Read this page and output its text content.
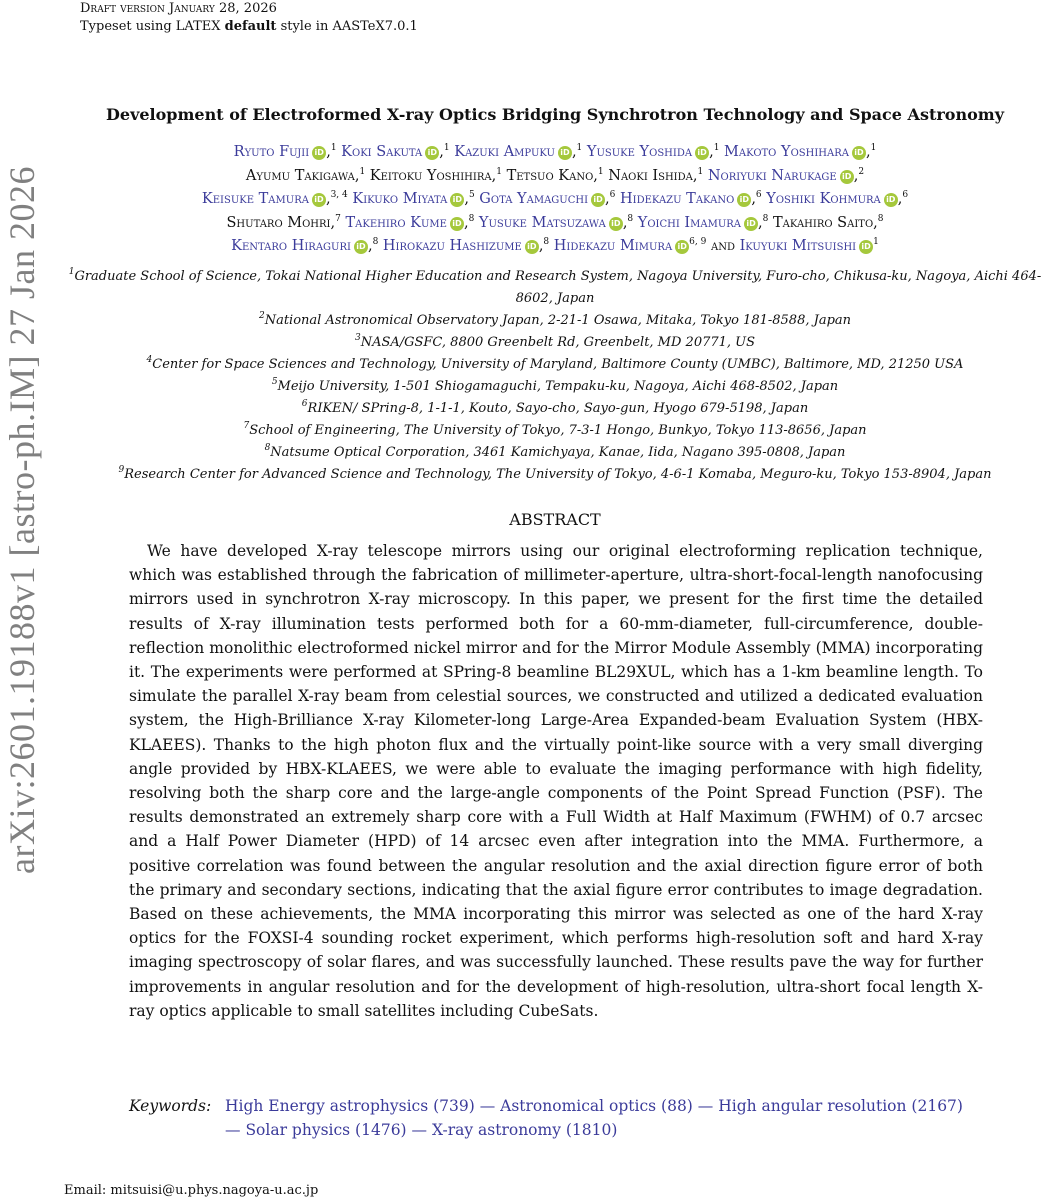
Draft version January 28, 2026
Typeset using LATEX default style in AASTeX7.0.1
arXiv:2601.19188v1 [astro-ph.IM] 27 Jan 2026
Development of Electroformed X-ray Optics Bridging Synchrotron Technology and Space Astronomy
Ryuto Fujii iD ,$^1$ Koki Sakuta iD ,$^1$ Kazuki Ampuku iD ,$^1$ Yusuke Yoshida iD ,$^1$ Makoto Yoshihara iD ,$^1$
Ayumu Takigawa,$^1$ Keitoku Yoshihira,$^1$ Tetsuo Kano,$^1$ Naoki Ishida,$^1$ Noriyuki Narukage iD ,$^2$
Keisuke Tamura iD ,$^{3, 4}$ Kikuko Miyata iD ,$^5$ Gota Yamaguchi iD ,$^6$ Hidekazu Takano iD ,$^6$ Yoshiki Kohmura iD ,$^6$
Shutaro Mohri,$^7$ Takehiro Kume iD ,$^8$ Yusuke Matsuzawa iD ,$^8$ Yoichi Imamura iD ,$^8$ Takahiro Saito,$^8$
Kentaro Hiraguri iD ,$^8$ Hirokazu Hashizume iD ,$^8$ Hidekazu Mimura iD $^{6, 9}$ and Ikuyuki Mitsuishi iD $^1$

$^1$Graduate School of Science, Tokai National Higher Education and Research System, Nagoya University, Furo-cho, Chikusa-ku, Nagoya, Aichi 464-8602, Japan

$^2$National Astronomical Observatory Japan, 2-21-1 Osawa, Mitaka, Tokyo 181-8588, Japan

$^3$NASA/GSFC, 8800 Greenbelt Rd, Greenbelt, MD 20771, US

$^4$Center for Space Sciences and Technology, University of Maryland, Baltimore County (UMBC), Baltimore, MD, 21250 USA

$^5$Meijo University, 1-501 Shiogamaguchi, Tempaku-ku, Nagoya, Aichi 468-8502, Japan

$^6$RIKEN/ SPring-8, 1-1-1, Kouto, Sayo-cho, Sayo-gun, Hyogo 679-5198, Japan

$^7$School of Engineering, The University of Tokyo, 7-3-1 Hongo, Bunkyo, Tokyo 113-8656, Japan

$^8$Natsume Optical Corporation, 3461 Kamichyaya, Kanae, Iida, Nagano 395-0808, Japan

$^9$Research Center for Advanced Science and Technology, The University of Tokyo, 4-6-1 Komaba, Meguro-ku, Tokyo 153-8904, Japan

ABSTRACT

We have developed X-ray telescope mirrors using our original electroforming replication technique, which was established through the fabrication of millimeter-aperture, ultra-short-focal-length nanofocusing mirrors used in synchrotron X-ray microscopy. In this paper, we present for the first time the detailed results of X-ray illumination tests performed both for a 60-mm-diameter, full-circumference, double-reflection monolithic electroformed nickel mirror and for the Mirror Module Assembly (MMA) incorporating it. The experiments were performed at SPring-8 beamline BL29XUL, which has a 1-km beamline length. To simulate the parallel X-ray beam from celestial sources, we constructed and utilized a dedicated evaluation system, the High-Brilliance X-ray Kilometer-long Large-Area Expanded-beam Evaluation System (HBX-KLAEES). Thanks to the high photon flux and the virtually point-like source with a very small diverging angle provided by HBX-KLAEES, we were able to evaluate the imaging performance with high fidelity, resolving both the sharp core and the large-angle components of the Point Spread Function (PSF). The results demonstrated an extremely sharp core with a Full Width at Half Maximum (FWHM) of 0.7 arcsec and a Half Power Diameter (HPD) of 14 arcsec even after integration into the MMA. Furthermore, a positive correlation was found between the angular resolution and the axial direction figure error of both the primary and secondary sections, indicating that the axial figure error contributes to image degradation. Based on these achievements, the MMA incorporating this mirror was selected as one of the hard X-ray optics for the FOXSI-4 sounding rocket experiment, which performs high-resolution soft and hard X-ray imaging spectroscopy of solar flares, and was successfully launched. These results pave the way for further improvements in angular resolution and for the development of high-resolution, ultra-short focal length X-ray optics applicable to small satellites including CubeSats.

Keywords: High Energy astrophysics (739) — Astronomical optics (88) — High angular resolution (2167) — Solar physics (1476) — X-ray astronomy (1810)
Email: mitsuisi@u.phys.nagoya-u.ac.jp
